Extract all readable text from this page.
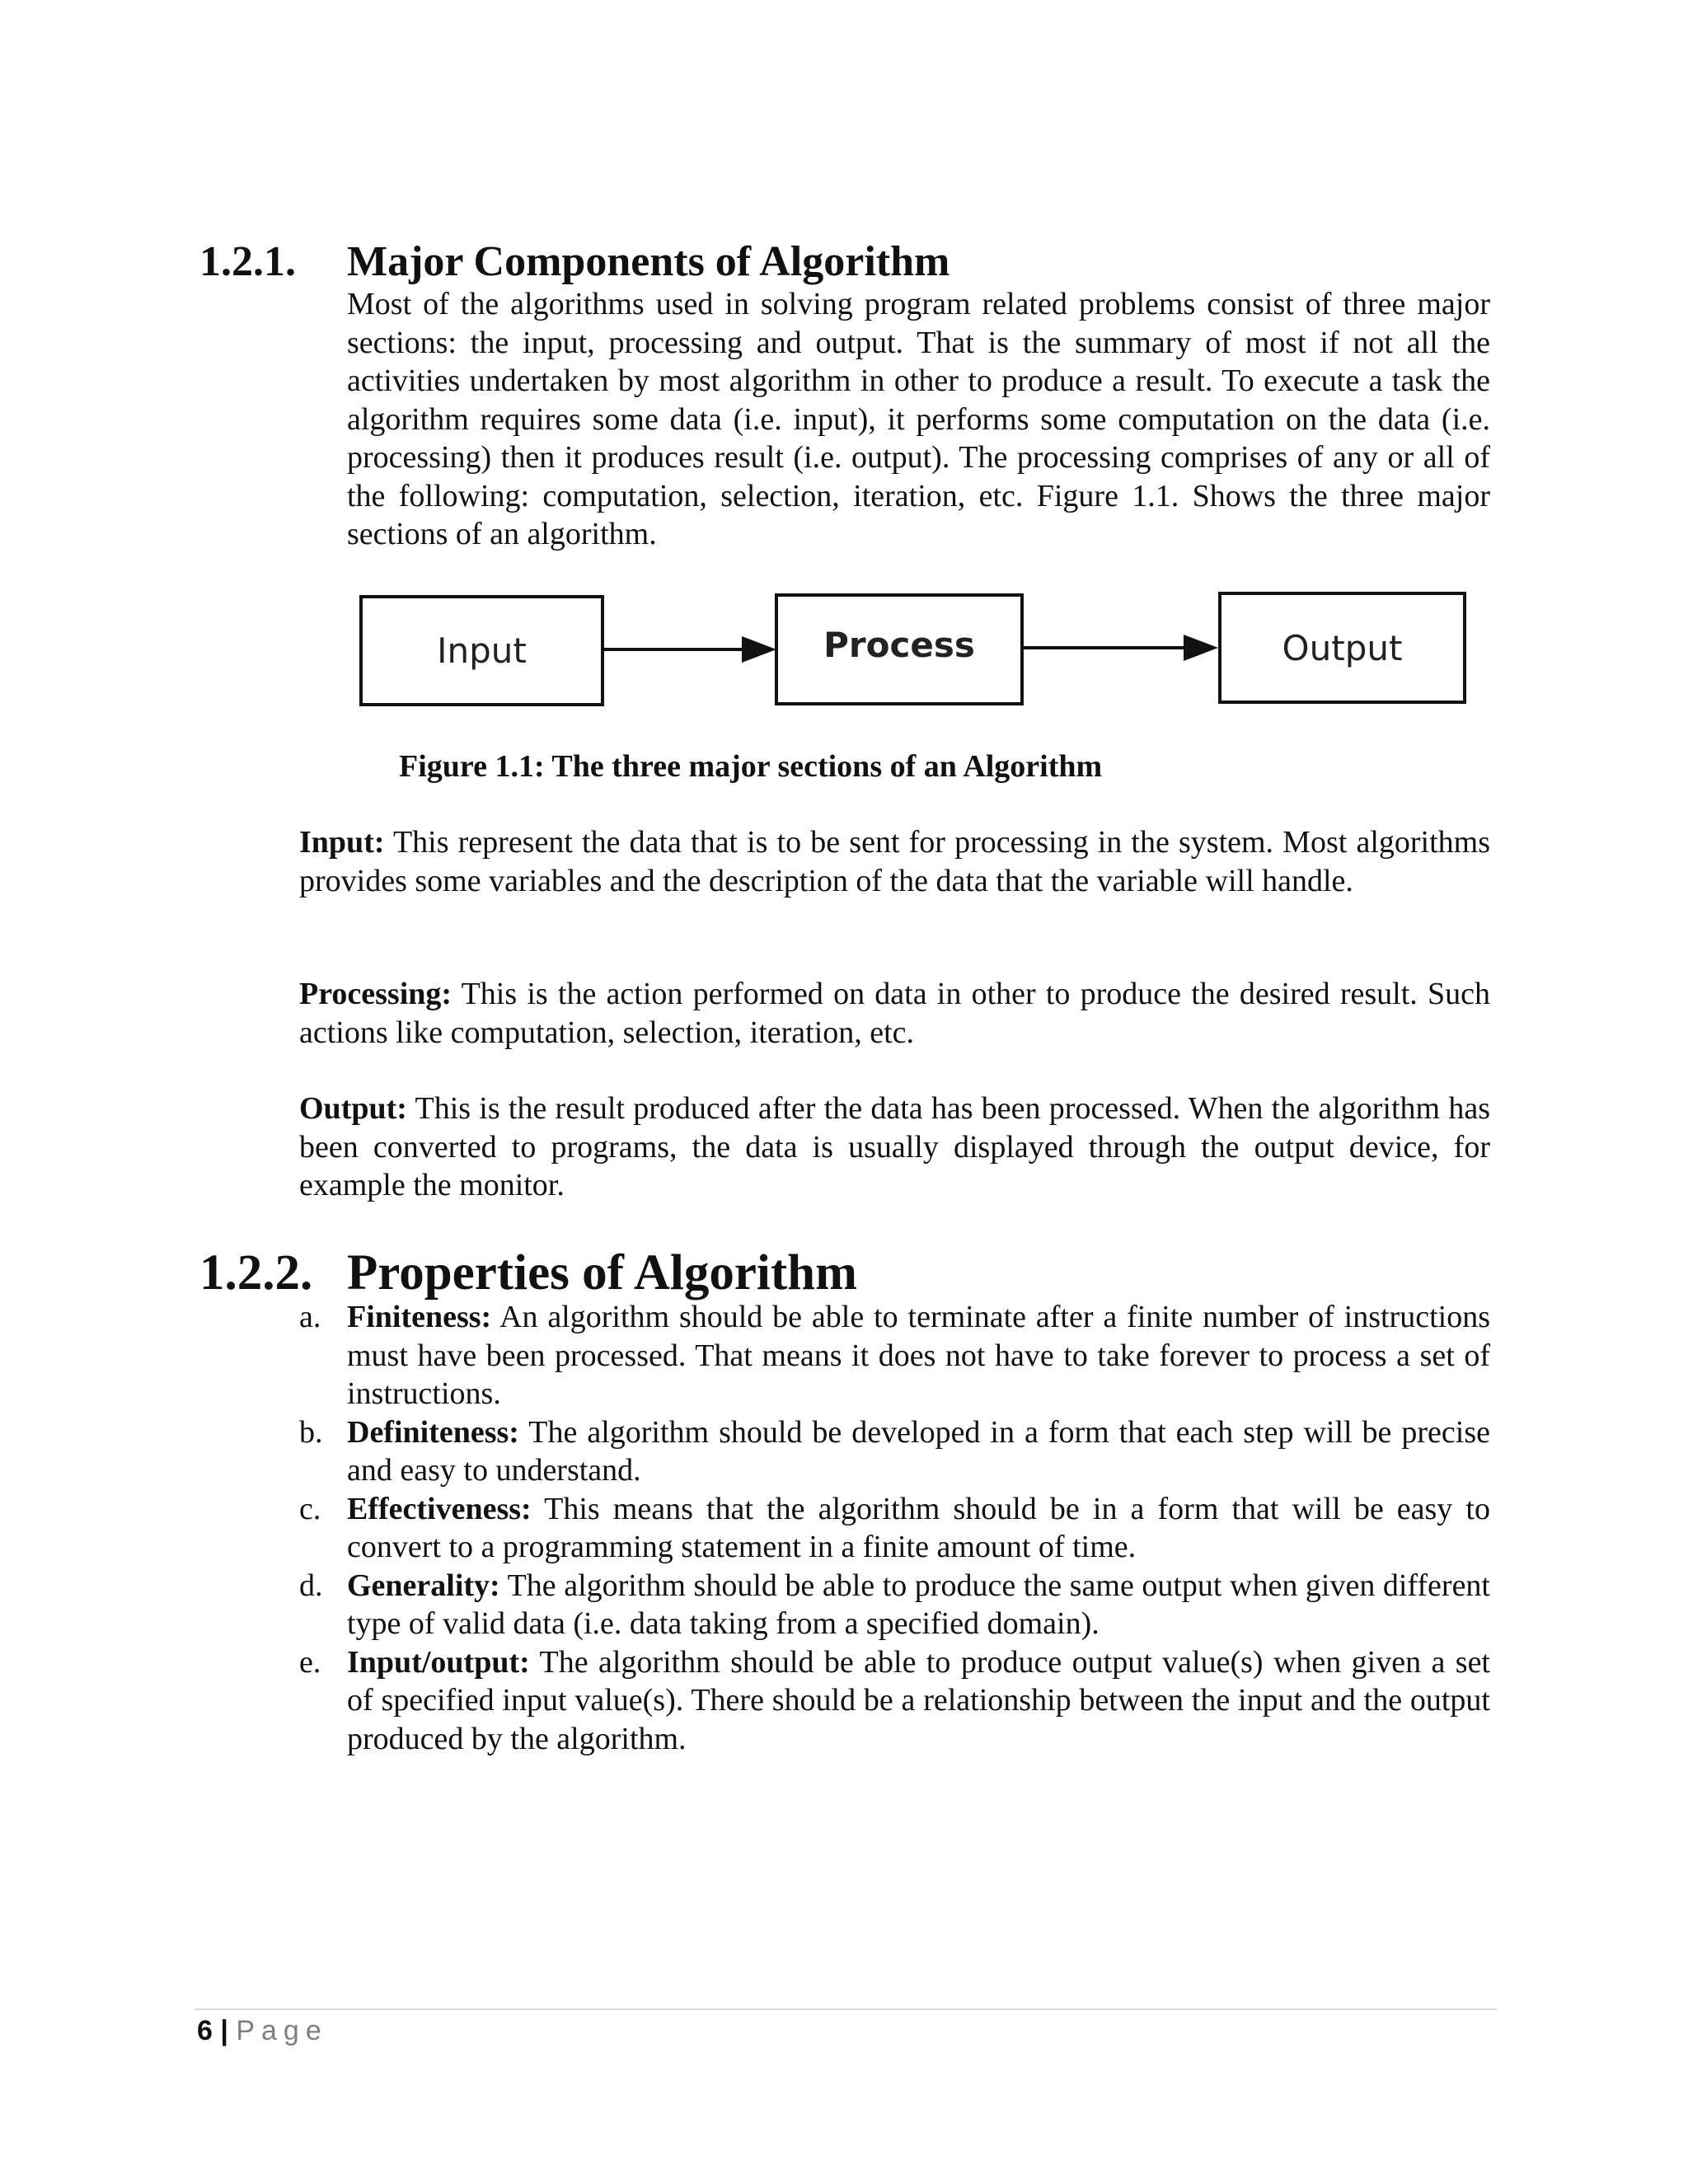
1.2.1. Major Components of Algorithm

Most of the algorithms used in solving program related problems consist of three major sections: the input, processing and output. That is the summary of most if not all the activities undertaken by most algorithm in other to produce a result. To execute a task the algorithm requires some data (i.e. input), it performs some computation on the data (i.e. processing) then it produces result (i.e. output). The processing comprises of any or all of the following: computation, selection, iteration, etc. Figure 1.1. Shows the three major sections of an algorithm.

Input	Process	Output
Figure 1.1: The three major sections of an Algorithm

Input: This represent the data that is to be sent for processing in the system. Most algorithms provides some variables and the description of the data that the variable will handle.

Processing: This is the action performed on data in other to produce the desired result. Such actions like computation, selection, iteration, etc.

Output: This is the result produced after the data has been processed. When the algorithm has been converted to programs, the data is usually displayed through the output device, for example the monitor.

1.2.2. Properties of Algorithm
a. Finiteness: An algorithm should be able to terminate after a finite number of instructions must have been processed. That means it does not have to take forever to process a set of instructions.
b. Definiteness: The algorithm should be developed in a form that each step will be precise and easy to understand.
c. Effectiveness: This means that the algorithm should be in a form that will be easy to convert to a programming statement in a finite amount of time.
d. Generality: The algorithm should be able to produce the same output when given different type of valid data (i.e. data taking from a specified domain).
e. Input/output: The algorithm should be able to produce output value(s) when given a set of specified input value(s). There should be a relationship between the input and the output produced by the algorithm.
6 | Page
